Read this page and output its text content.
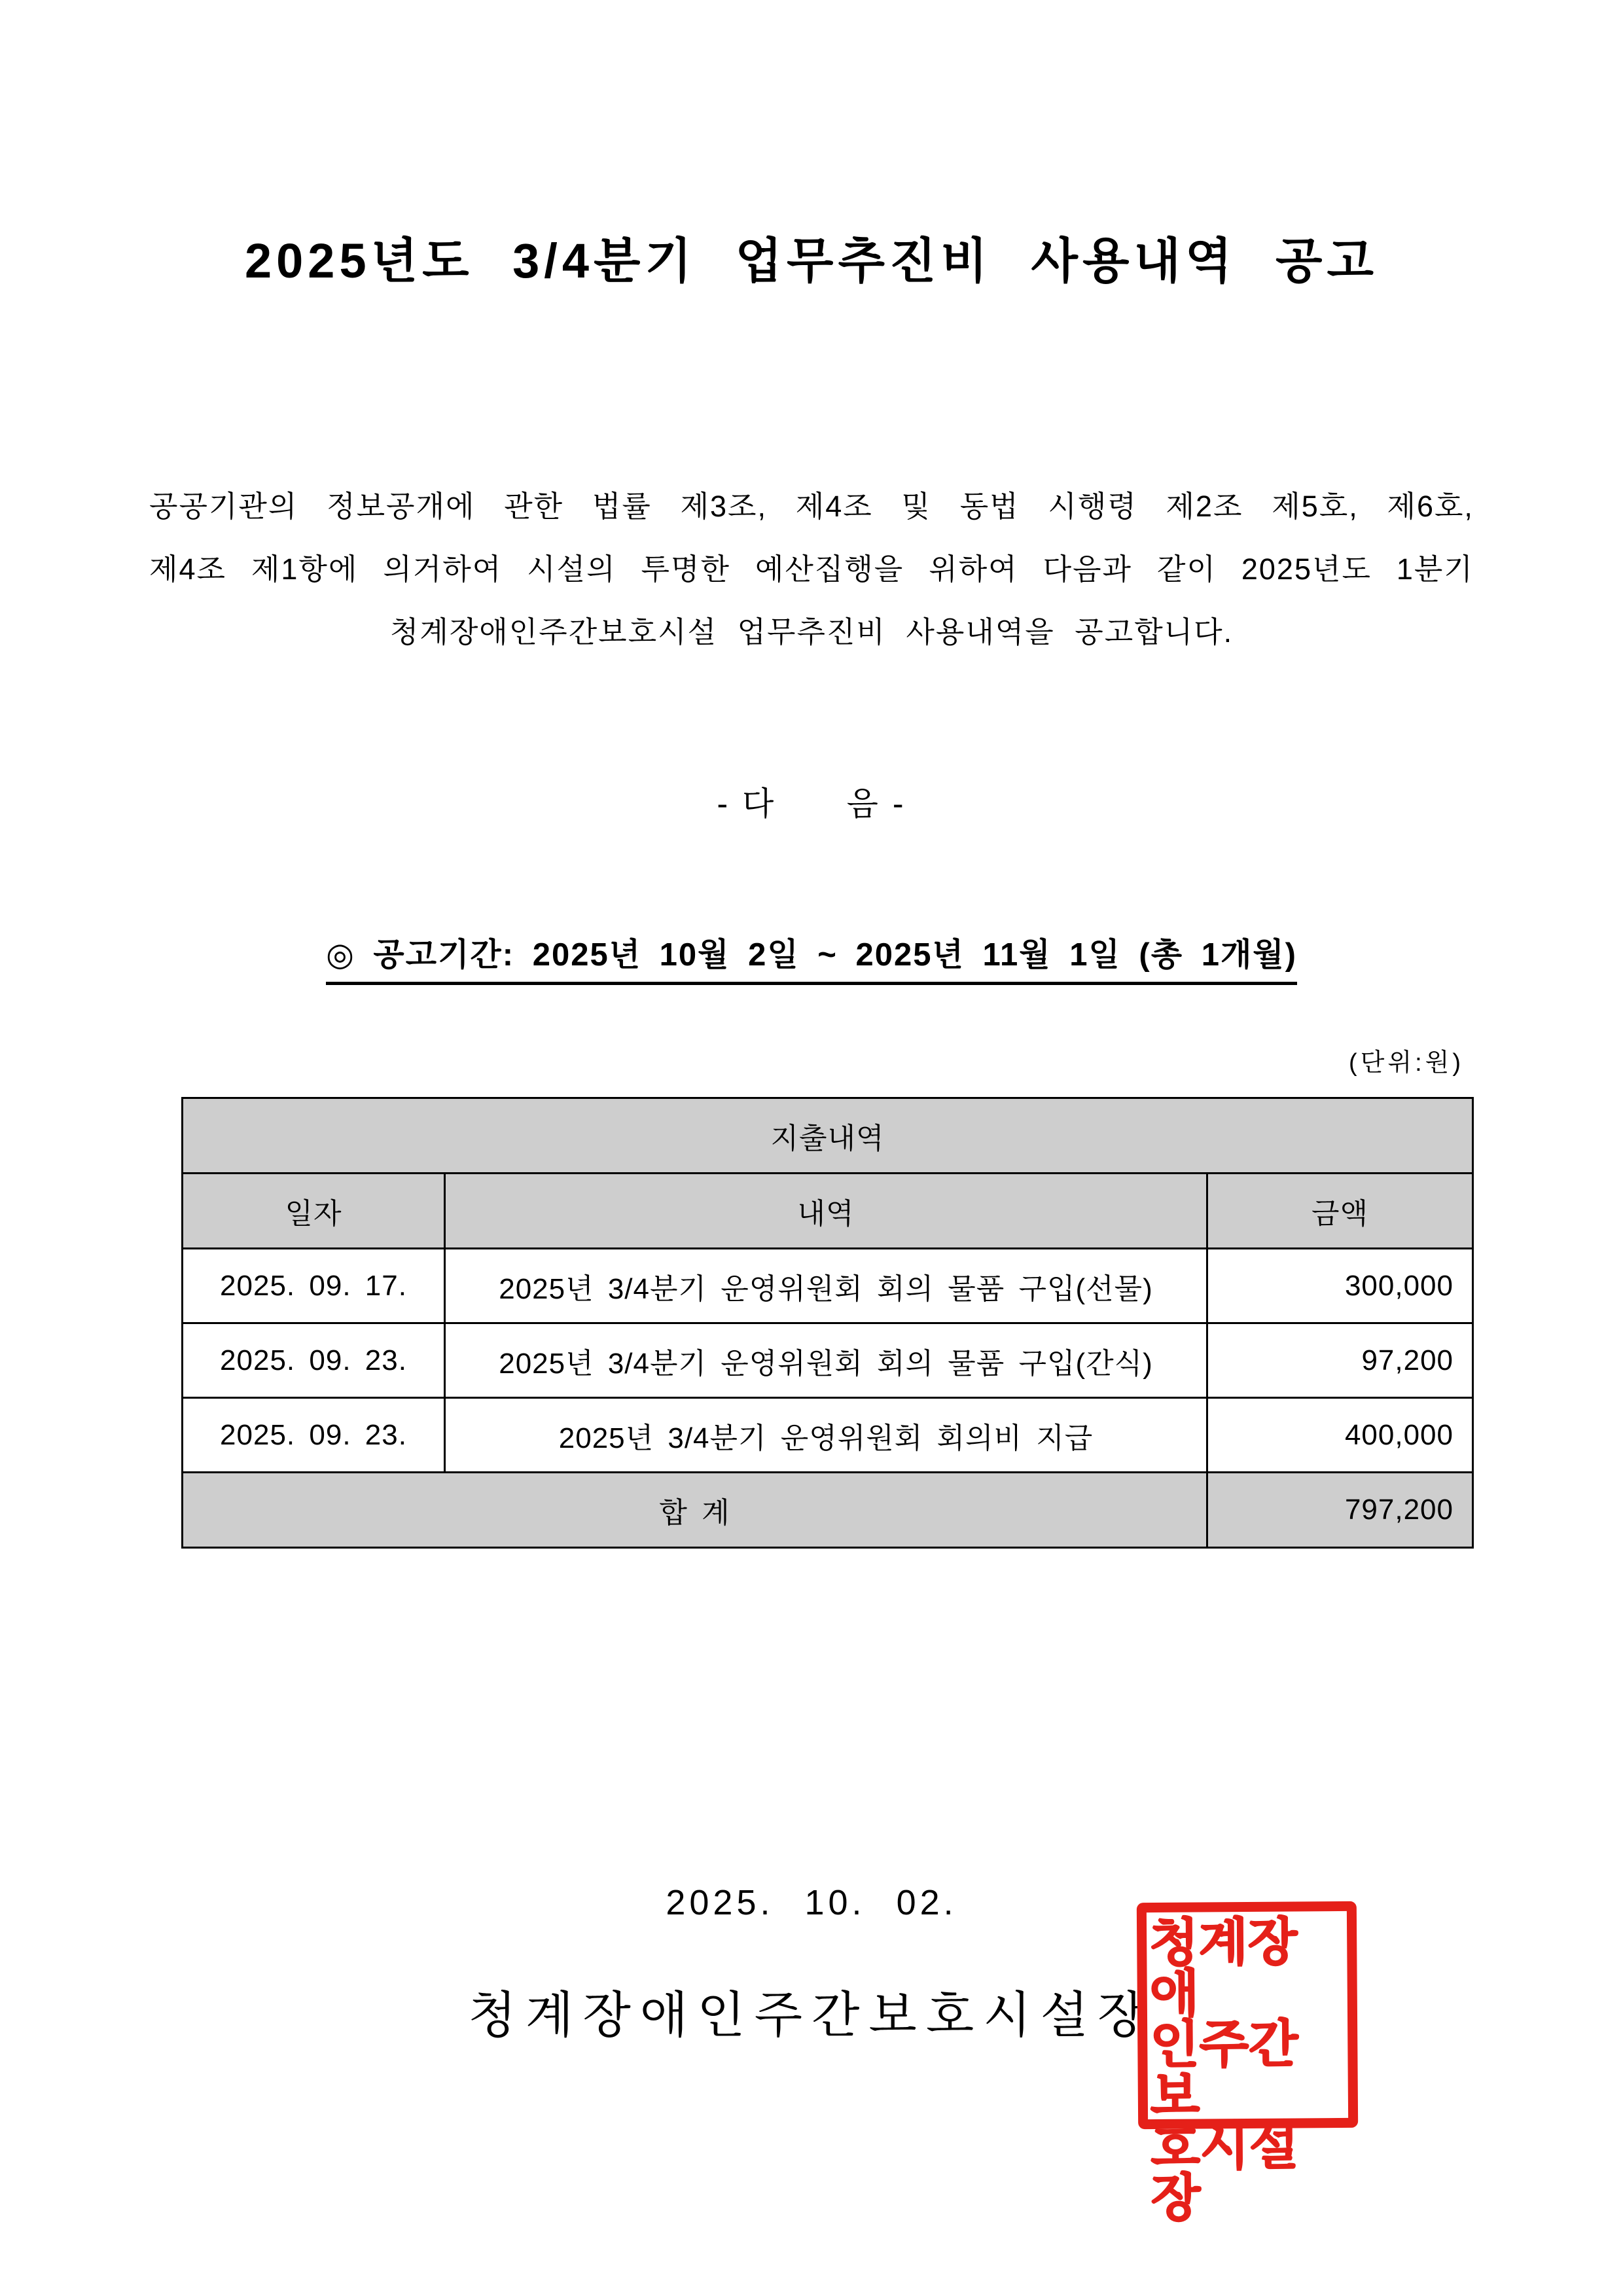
2025년도 3/4분기 업무추진비 사용내역 공고
공공기관의 정보공개에 관한 법률 제3조, 제4조 및 동법 시행령 제2조 제5호, 제6호,
제4조 제1항에 의거하여 시설의 투명한 예산집행을 위하여 다음과 같이 2025년도 1분기
청계장애인주간보호시설 업무추진비 사용내역을 공고합니다.
- 다      음 -
◎ 공고기간: 2025년 10월 2일 ~ 2025년 11월 1일 (총 1개월)
(단위:원)
지출내역		
일자	내역	금액
2025. 09. 17.	2025년 3/4분기 운영위원회 회의 물품 구입(선물)	300,000
2025. 09. 23.	2025년 3/4분기 운영위원회 회의 물품 구입(간식)	97,200
2025. 09. 23.	2025년 3/4분기 운영위원회 회의비 지급	400,000
합 계		797,200
2025. 10. 02.
청계장애인주간보호시설장
청계장애
인주간보
호시설장
